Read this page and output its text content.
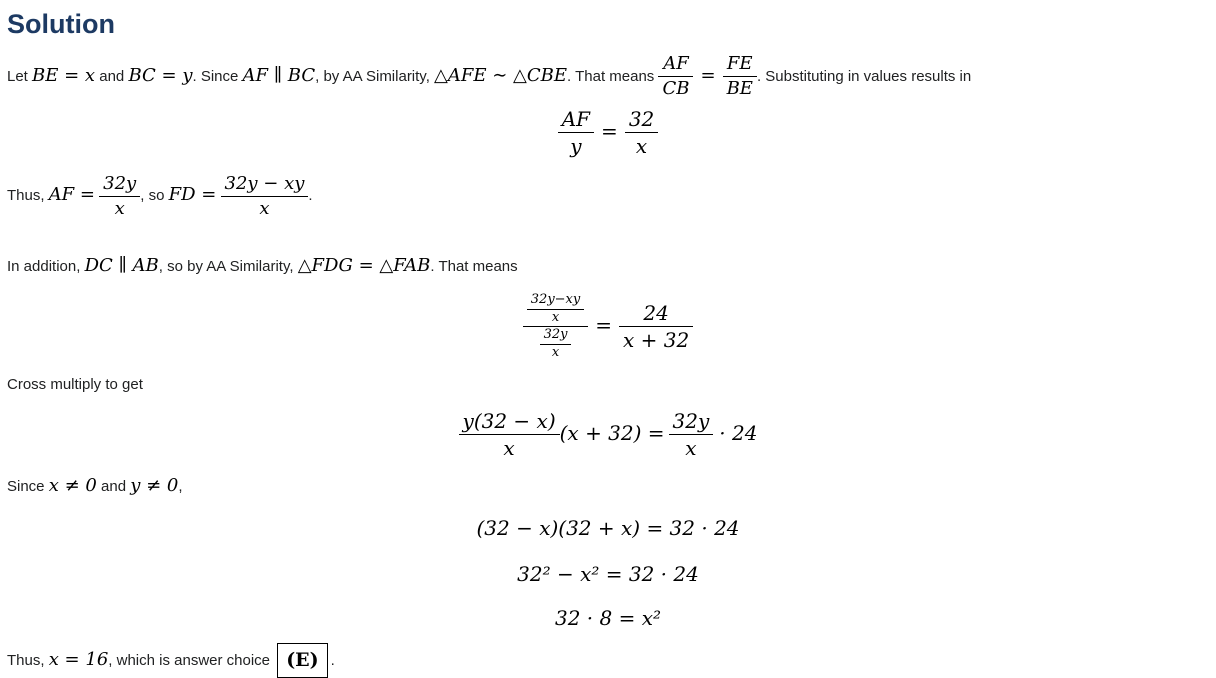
Solution
Let BE = x and BC = y. Since AF ∥ BC, by AA Similarity, △AFE ∼ △CBE. That means $\frac{AF}{CB} = \frac{FE}{BE}$ . Substituting in values results in
$\frac{AF}{y} = \frac{32}{x}$
Thus, AF = $\frac{32y}{x}$ , so FD = $\frac{32y - xy}{x}$ .
In addition, DC ∥ AB, so by AA Similarity, △FDG = △FAB. That means
$\frac{\frac{32y-xy}{x}}{\frac{32y}{x}} = \frac{24}{x + 32}$
Cross multiply to get
$\frac{y(32 - x)}{x} (x + 32) = \frac{32y}{x} \cdot 24$
Since x ≠ 0 and y ≠ 0,
(32 − x)(32 + x) = 32 · 24
32² − x² = 32 · 24
32 · 8 = x²
Thus, x = 16, which is answer choice (E) .
